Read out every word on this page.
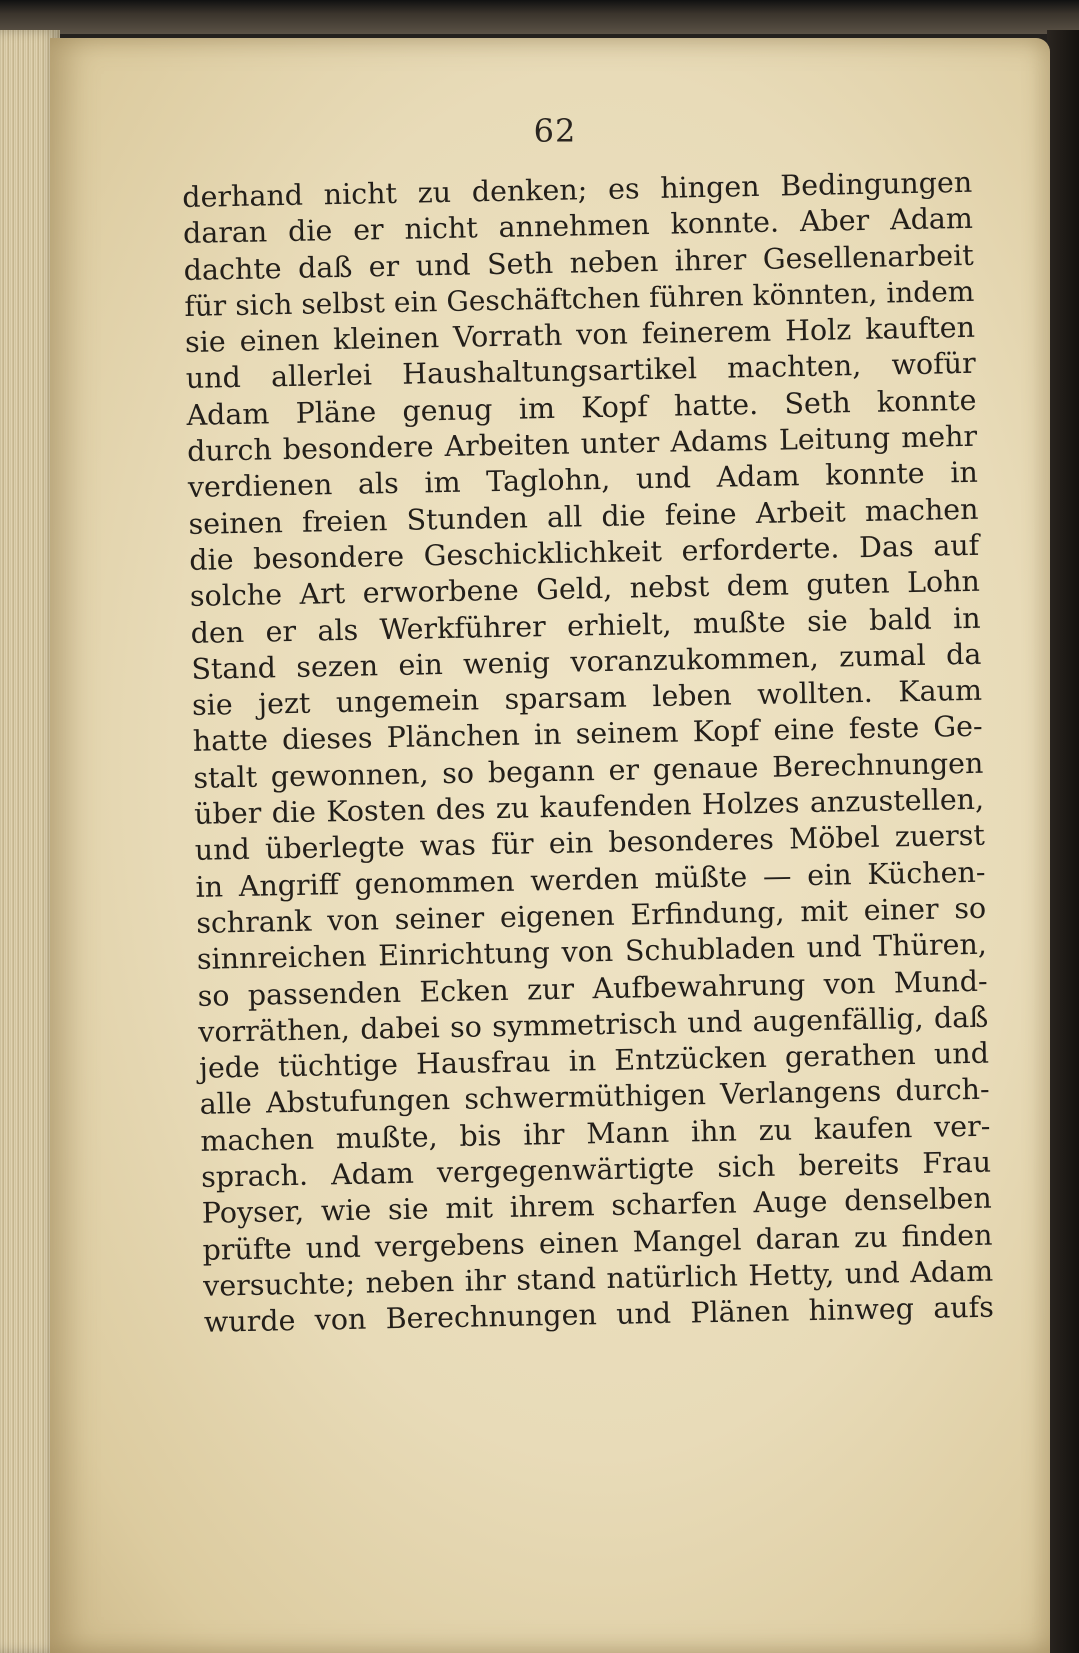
62
derhand nicht zu denken; es hingen Bedingungen
daran die er nicht annehmen konnte. Aber Adam
dachte daß er und Seth neben ihrer Gesellenarbeit
für sich selbst ein Geschäftchen führen könnten, indem
sie einen kleinen Vorrath von feinerem Holz kauften
und allerlei Haushaltungsartikel machten, wofür
Adam Pläne genug im Kopf hatte. Seth konnte
durch besondere Arbeiten unter Adams Leitung mehr
verdienen als im Taglohn, und Adam konnte in
seinen freien Stunden all die feine Arbeit machen
die besondere Geschicklichkeit erforderte. Das auf
solche Art erworbene Geld, nebst dem guten Lohn
den er als Werkführer erhielt, mußte sie bald in
Stand sezen ein wenig voranzukommen, zumal da
sie jezt ungemein sparsam leben wollten. Kaum
hatte dieses Plänchen in seinem Kopf eine feste Ge-
stalt gewonnen, so begann er genaue Berechnungen
über die Kosten des zu kaufenden Holzes anzustellen,
und überlegte was für ein besonderes Möbel zuerst
in Angriff genommen werden müßte — ein Küchen-
schrank von seiner eigenen Erfindung, mit einer so
sinnreichen Einrichtung von Schubladen und Thüren,
so passenden Ecken zur Aufbewahrung von Mund-
vorräthen, dabei so symmetrisch und augenfällig, daß
jede tüchtige Hausfrau in Entzücken gerathen und
alle Abstufungen schwermüthigen Verlangens durch-
machen mußte, bis ihr Mann ihn zu kaufen ver-
sprach. Adam vergegenwärtigte sich bereits Frau
Poyser, wie sie mit ihrem scharfen Auge denselben
prüfte und vergebens einen Mangel daran zu finden
versuchte; neben ihr stand natürlich Hetty, und Adam
wurde von Berechnungen und Plänen hinweg aufs
